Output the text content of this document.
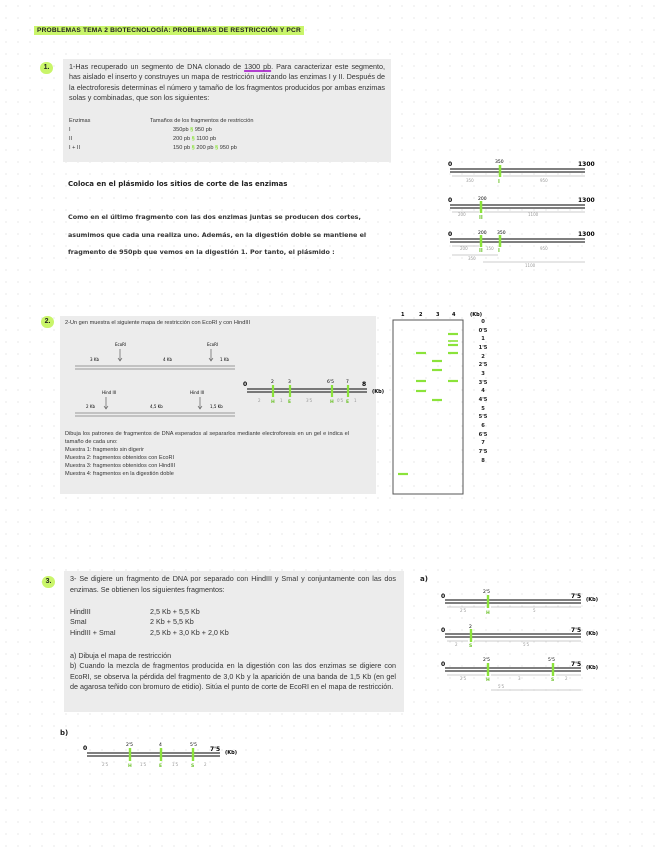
PROBLEMAS TEMA 2 BIOTECNOLOGÍA: PROBLEMAS DE RESTRICCIÓN Y PCR
1.	1-Has recuperado un segmento de DNA clonado de 1300 pb. Para caracterizar este segmento, has aislado el inserto y construyes un mapa de restricción utilizando las enzimas I y II. Después de la electroforesis determinas el número y tamaño de los fragmentos producidos por ambas enzimas solas y combinadas, que son los siguientes:

Enzimas	Tamaños de los fragmentos de restricción
I	350pb § 950 pb
II	200 pb § 1100 pb
I + II	150 pb § 200 pb § 950 pb
Coloca en el plásmido los sitios de corte de las enzimas
Como en el último fragmento con las dos enzimas juntas se producen dos cortes,
asumimos que cada una realiza uno. Además, en la digestión doble se mantiene el
fragmento de 950pb que vemos en la digestión 1. Por tanto, el plásmido :
0	1300
350
I
350	950
0	1300
200
II
200	1100
0	1300
200 350
II	I
200	150	950
350
1100
2.	2-Un gen muestra el siguiente mapa de restricción con EcoRI y con HindIII
EcoRI	EcoRI
3 Kb	4 Kb	1 Kb
Hind III	Hind III
2 Kb	4,5 Kb	1,5 Kb
Dibuja los patrones de fragmentos de DNA esperados al separarlos mediante electroforesis en un gel e indica el tamaño de cada uno:
Muestra 1: fragmento sin digerir
Muestra 2: fragmentos obtenidos con EcoRI
Muestra 3: fragmentos obtenidos con HindIII
Muestra 4: fragmentos en la digestión doble
0	2	3	6'5	7 8
(Kb)
H	E	H	E
2	1	3'5	0'5	1
1	2	3	4	(Kb)
0
0'5
1
1'5
2
2'5
3
3'5
4
4'5
5
5'5
6
6'5
7
7'5
8
3.	3- Se digiere un fragmento de DNA por separado con HindIII y SmaI y conjuntamente con las dos enzimas. Se obtienen los siguientes fragmentos:
HindIII	2,5 Kb + 5,5 Kb
SmaI	2 Kb + 5,5 Kb
HindIII + SmaI	2,5 Kb + 3,0 Kb + 2,0 Kb
a) Dibuja el mapa de restricción
b) Cuando la mezcla de fragmentos producida en la digestión con las dos enzimas se digiere con EcoRI, se observa la pérdida del fragmento de 3,0 Kb y la aparición de una banda de 1,5 Kb (en gel de agarosa teñido con bromuro de etidio). Sitúa el punto de corte de EcoRI en el mapa de restricción.
a)
b)
0	7'5 (Kb)
2'5
H
2'5	5
0	7'5 (Kb)
2
S
2	5'5
0	7'5 (Kb)
2'5	5'5
H	S
2'5	3	2
5'5
0	7'5 (Kb)
2'5	4	5'5
H	E	S
2'5	1'5	1'5	2
